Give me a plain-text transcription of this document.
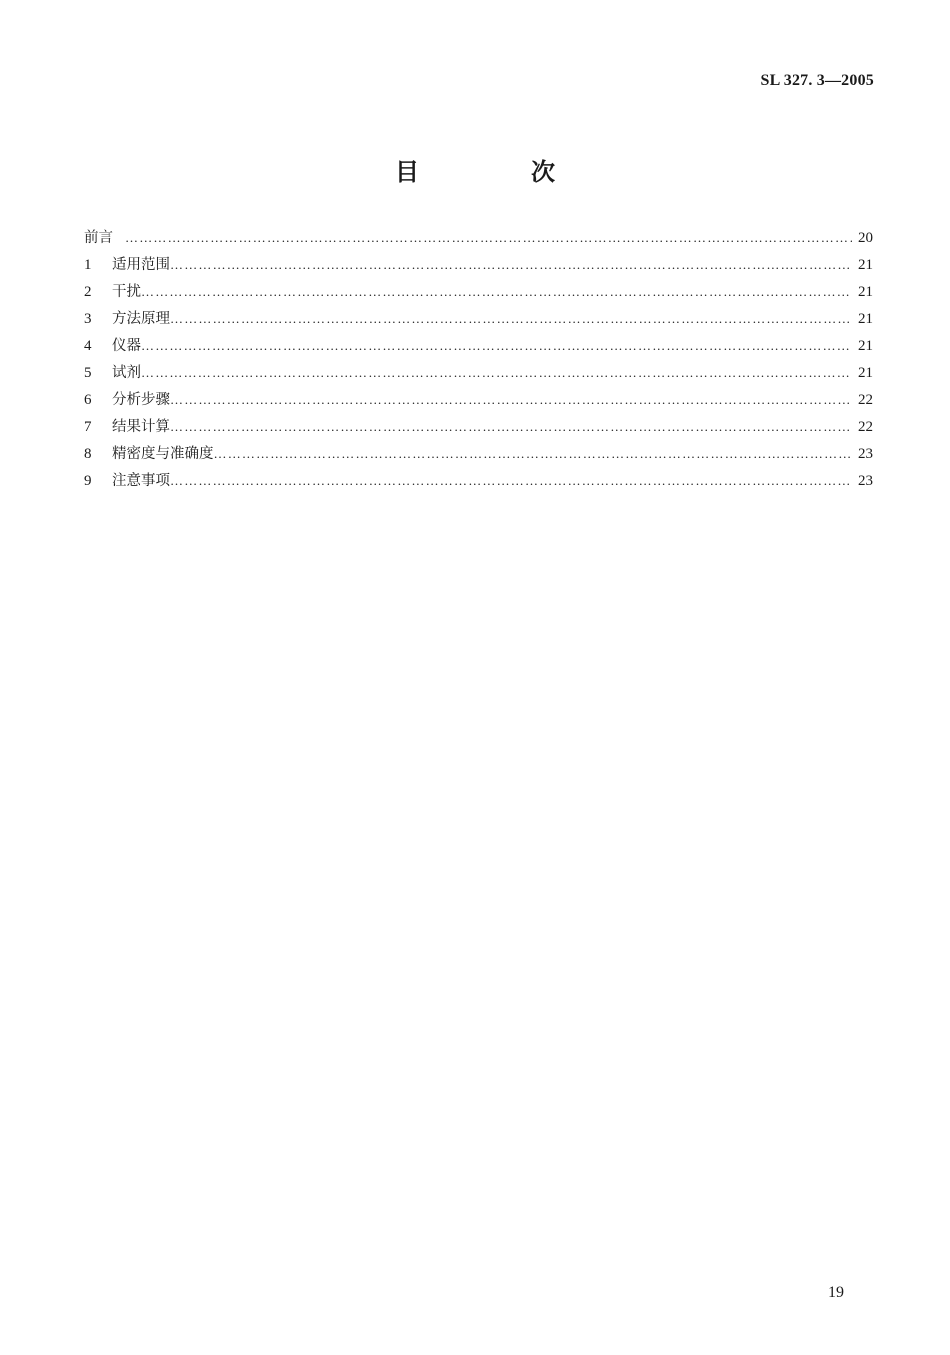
SL 327. 3—2005
目　次
前言 …………………………………………………………………………………………………………………………………………………………………………	20
1	适用范围 …………………………………………………………………………………………………………………………………………………………………………	21
2	干扰 …………………………………………………………………………………………………………………………………………………………………………	21
3	方法原理 …………………………………………………………………………………………………………………………………………………………………………	21
4	仪器 …………………………………………………………………………………………………………………………………………………………………………	21
5	试剂 …………………………………………………………………………………………………………………………………………………………………………	21
6	分析步骤 …………………………………………………………………………………………………………………………………………………………………………	22
7	结果计算 …………………………………………………………………………………………………………………………………………………………………………	22
8	精密度与准确度 …………………………………………………………………………………………………………………………………………………………………………	23
9	注意事项 …………………………………………………………………………………………………………………………………………………………………………	23
19
